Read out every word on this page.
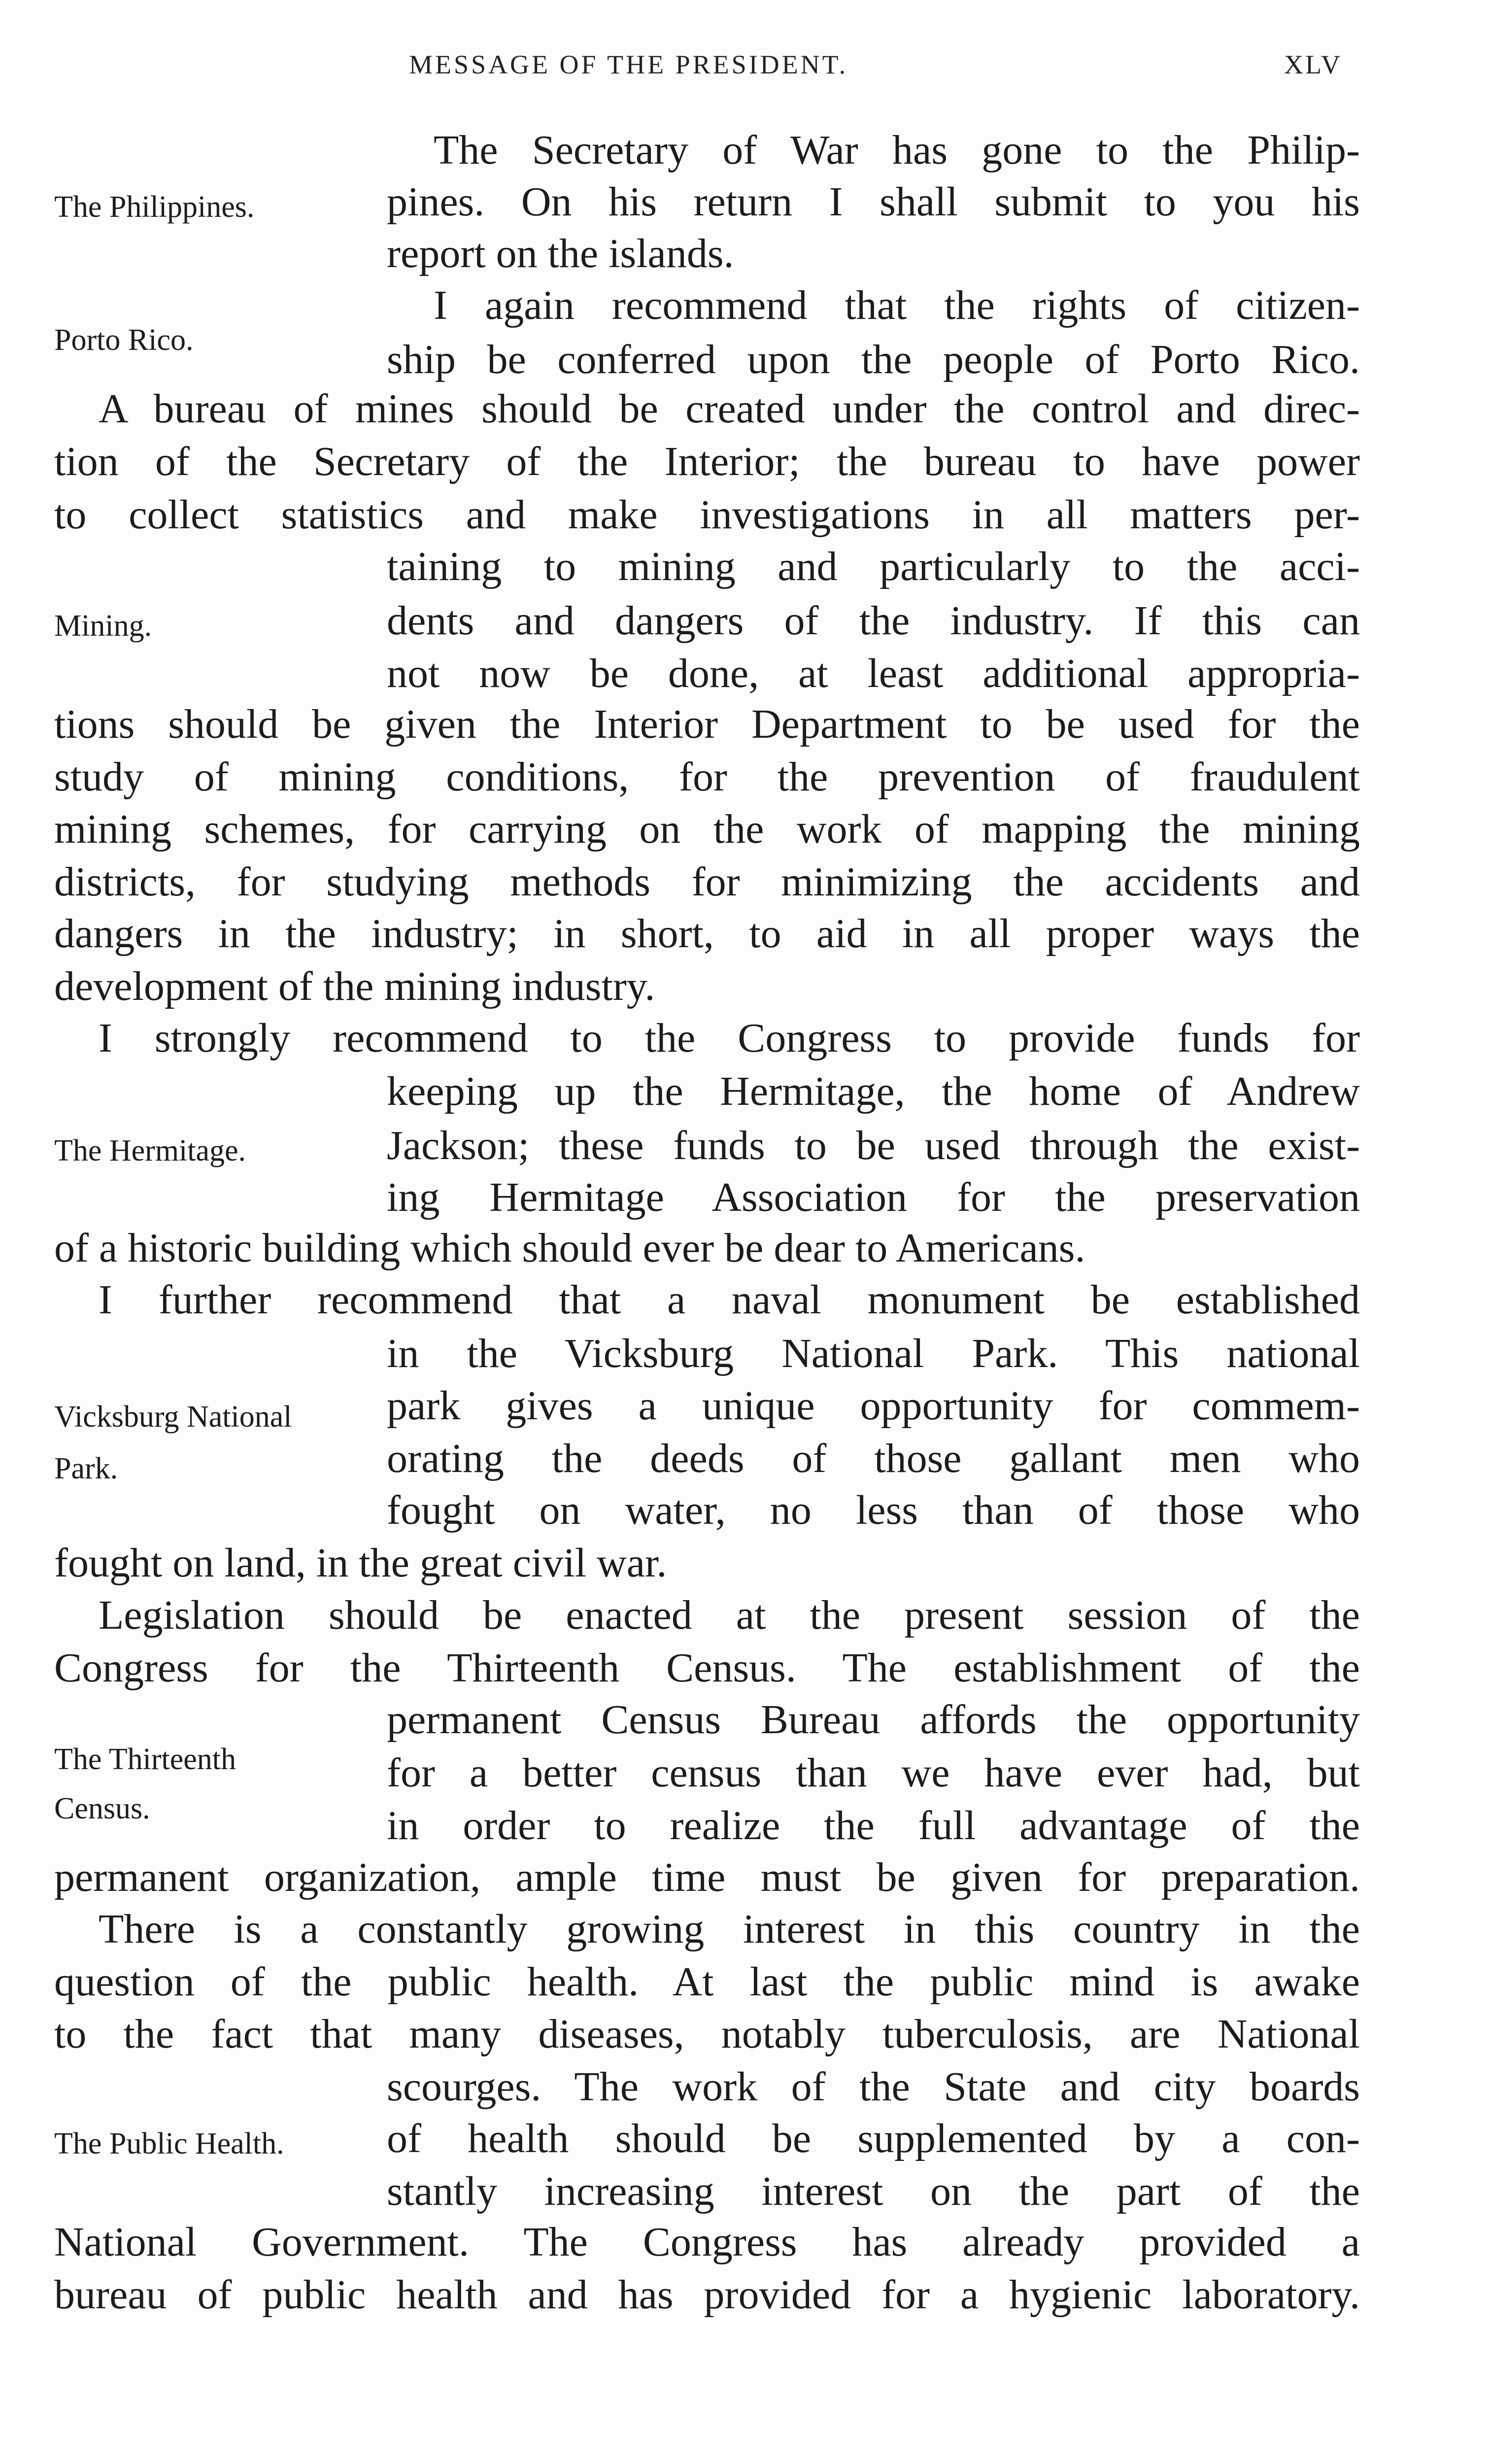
MESSAGE OF THE PRESIDENT.	XLV
The Secretary of War has gone to the Philip-
The Philippines.	pines. On his return I shall submit to you his
report on the islands.
I again recommend that the rights of citizen-
Porto Rico.	ship be conferred upon the people of Porto Rico.
A bureau of mines should be created under the control and direc-
tion of the Secretary of the Interior; the bureau to have power
to collect statistics and make investigations in all matters per-
taining to mining and particularly to the acci-
Mining.	dents and dangers of the industry. If this can
not now be done, at least additional appropria-
tions should be given the Interior Department to be used for the
study of mining conditions, for the prevention of fraudulent
mining schemes, for carrying on the work of mapping the mining
districts, for studying methods for minimizing the accidents and
dangers in the industry; in short, to aid in all proper ways the
development of the mining industry.
I strongly recommend to the Congress to provide funds for
keeping up the Hermitage, the home of Andrew
The Hermitage.	Jackson; these funds to be used through the exist-
ing Hermitage Association for the preservation
of a historic building which should ever be dear to Americans.
I further recommend that a naval monument be established
in the Vicksburg National Park. This national
Vicksburg National park gives a unique opportunity for commem-
Park.	orating the deeds of those gallant men who
fought on water, no less than of those who
fought on land, in the great civil war.
Legislation should be enacted at the present session of the
Congress for the Thirteenth Census. The establishment of the
permanent Census Bureau affords the opportunity
The Thirteenth	for a better census than we have ever had, but
Census.	in order to realize the full advantage of the
permanent organization, ample time must be given for preparation.
There is a constantly growing interest in this country in the
question of the public health. At last the public mind is awake
to the fact that many diseases, notably tuberculosis, are National
scourges. The work of the State and city boards
The Public Health. of health should be supplemented by a con-
stantly increasing interest on the part of the
National Government. The Congress has already provided a
bureau of public health and has provided for a hygienic laboratory.
